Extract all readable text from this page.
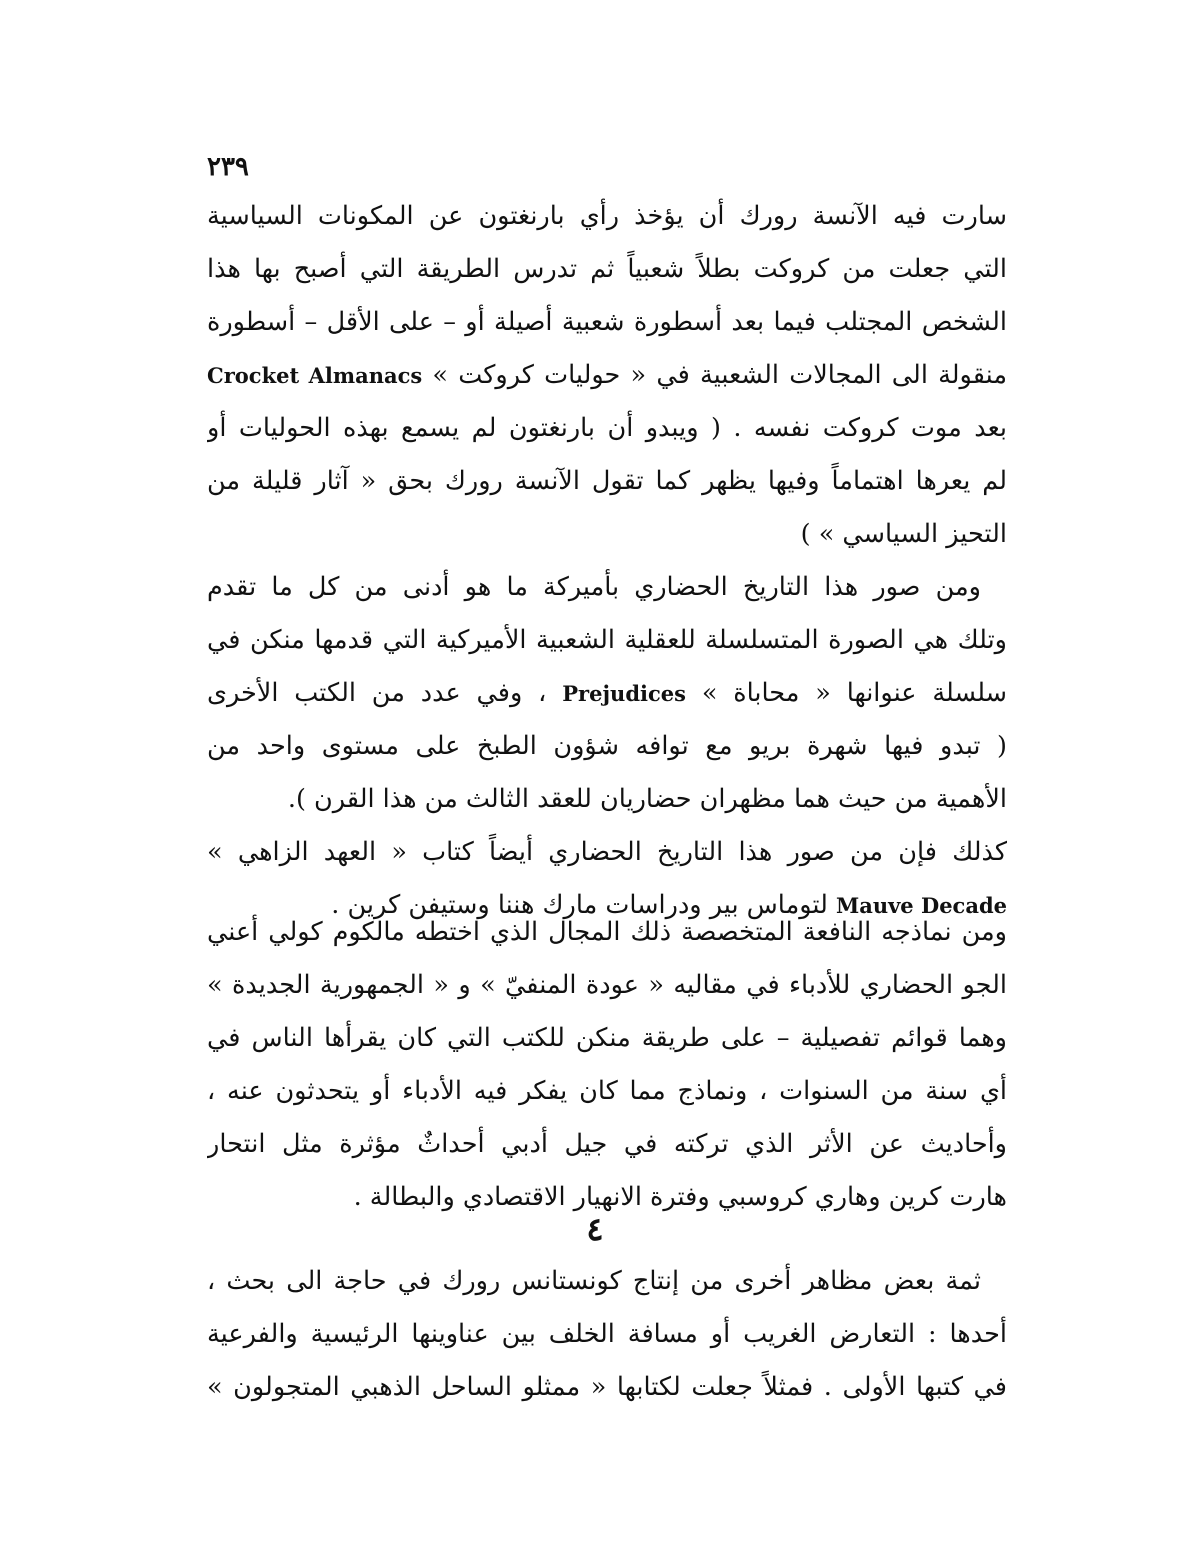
٢٣٩
سارت فيه الآنسة رورك أن يؤخذ رأي بارنغتون عن المكونات السياسية
التي جعلت من كروكت بطلاً شعبياً ثم تدرس الطريقة التي أصبح بها هذا
الشخص المجتلب فيما بعد أسطورة شعبية أصيلة أو – على الأقل – أسطورة
منقولة الى المجالات الشعبية في « حوليات كروكت » Crocket Almanacs
بعد موت كروكت نفسه . ( ويبدو أن بارنغتون لم يسمع بهذه الحوليات أو
لم يعرها اهتماماً وفيها يظهر كما تقول الآنسة رورك بحق « آثار قليلة من
التحيز السياسي » )
ومن صور هذا التاريخ الحضاري بأميركة ما هو أدنى من كل ما تقدم
وتلك هي الصورة المتسلسلة للعقلية الشعبية الأميركية التي قدمها منكن في
سلسلة عنوانها « محاباة » Prejudices ، وفي عدد من الكتب الأخرى
( تبدو فيها شهرة بريو مع توافه شؤون الطبخ على مستوى واحد من
الأهمية من حيث هما مظهران حضاريان للعقد الثالث من هذا القرن ).
كذلك فإن من صور هذا التاريخ الحضاري أيضاً كتاب « العهد الزاهي »
Mauve Decade لتوماس بير ودراسات مارك هننا وستيفن كرين .
ومن نماذجه النافعة المتخصصة ذلك المجال الذي اختطه مالكوم كولي أعني
الجو الحضاري للأدباء في مقاليه « عودة المنفيّ » و « الجمهورية الجديدة »
وهما قوائم تفصيلية – على طريقة منكن للكتب التي كان يقرأها الناس في
أي سنة من السنوات ، ونماذج مما كان يفكر فيه الأدباء أو يتحدثون عنه ،
وأحاديث عن الأثر الذي تركته في جيل أدبي أحداثٌ مؤثرة مثل انتحار
هارت كرين وهاري كروسبي وفترة الانهيار الاقتصادي والبطالة .
٤
ثمة بعض مظاهر أخرى من إنتاج كونستانس رورك في حاجة الى بحث ،
أحدها : التعارض الغريب أو مسافة الخلف بين عناوينها الرئيسية والفرعية
في كتبها الأولى . فمثلاً جعلت لكتابها « ممثلو الساحل الذهبي المتجولون »
